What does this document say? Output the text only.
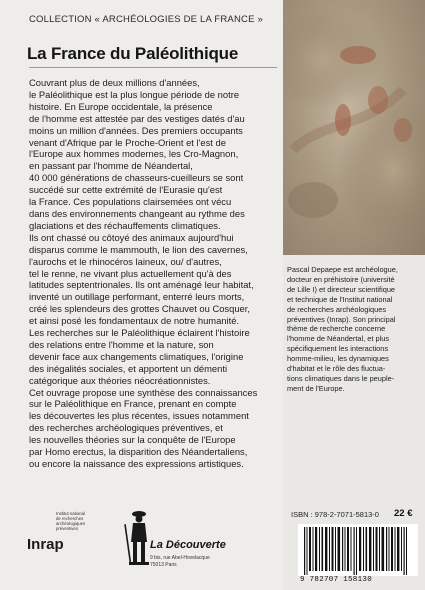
COLLECTION « ARCHÉOLOGIES DE LA FRANCE »
La France du Paléolithique

Couvrant plus de deux millions d'années,
le Paléolithique est la plus longue période de notre
histoire. En Europe occidentale, la présence
de l'homme est attestée par des vestiges datés d'au
moins un million d'années. Des premiers occupants
venant d'Afrique par le Proche-Orient et l'est de
l'Europe aux hommes modernes, les Cro-Magnon,
en passant par l'homme de Néandertal,
40 000 générations de chasseurs-cueilleurs se sont
succédé sur cette extrémité de l'Eurasie qu'est
la France. Ces populations clairsemées ont vécu
dans des environnements changeant au rythme des
glaciations et des réchauffements climatiques.
Ils ont chassé ou côtoyé des animaux aujourd'hui
disparus comme le mammouth, le lion des cavernes,
l'aurochs et le rhinocéros laineux, ou/ d'autres,
tel le renne, ne vivant plus actuellement qu'à des
latitudes septentrionales. Ils ont aménagé leur habitat,
inventé un outillage performant, enterré leurs morts,
créé les splendeurs des grottes Chauvet ou Cosquer,
et ainsi posé les fondamentaux de notre humanité.
Les recherches sur le Paléolithique éclairent l'histoire
des relations entre l'homme et la nature, son
devenir face aux changements climatiques, l'origine
des inégalités sociales, et apportent un démenti
catégorique aux théories néocréationnistes.
Cet ouvrage propose une synthèse des connaissances
sur le Paléolithique en France, prenant en compte
les découvertes les plus récentes, issues notamment
des recherches archéologiques préventives, et
les nouvelles théories sur la conquête de l'Europe
par Homo erectus, la disparition des Néandertaliens,
ou encore la naissance des expressions artistiques.

Pascal Depaepe est archéologue,
docteur en préhistoire (université
de Lille I) et directeur scientifique
et technique de l'Institut national
de recherches archéologiques
préventives (Inrap). Son principal
thème de recherche concerne
l'homme de Néandertal, et plus
spécifiquement les interactions
homme-milieu, les dynamiques
d'habitat et le rôle des fluctua-
tions climatiques dans le peuple-
ment de l'Europe.

ISBN : 978-2-7071-5813-0 22 €
9 782707 158130
Institut national
de recherches
archéologiques
préventives
Inrap	La Découverte
9 bis, rue Abel-Hovelacque
75013 Paris
